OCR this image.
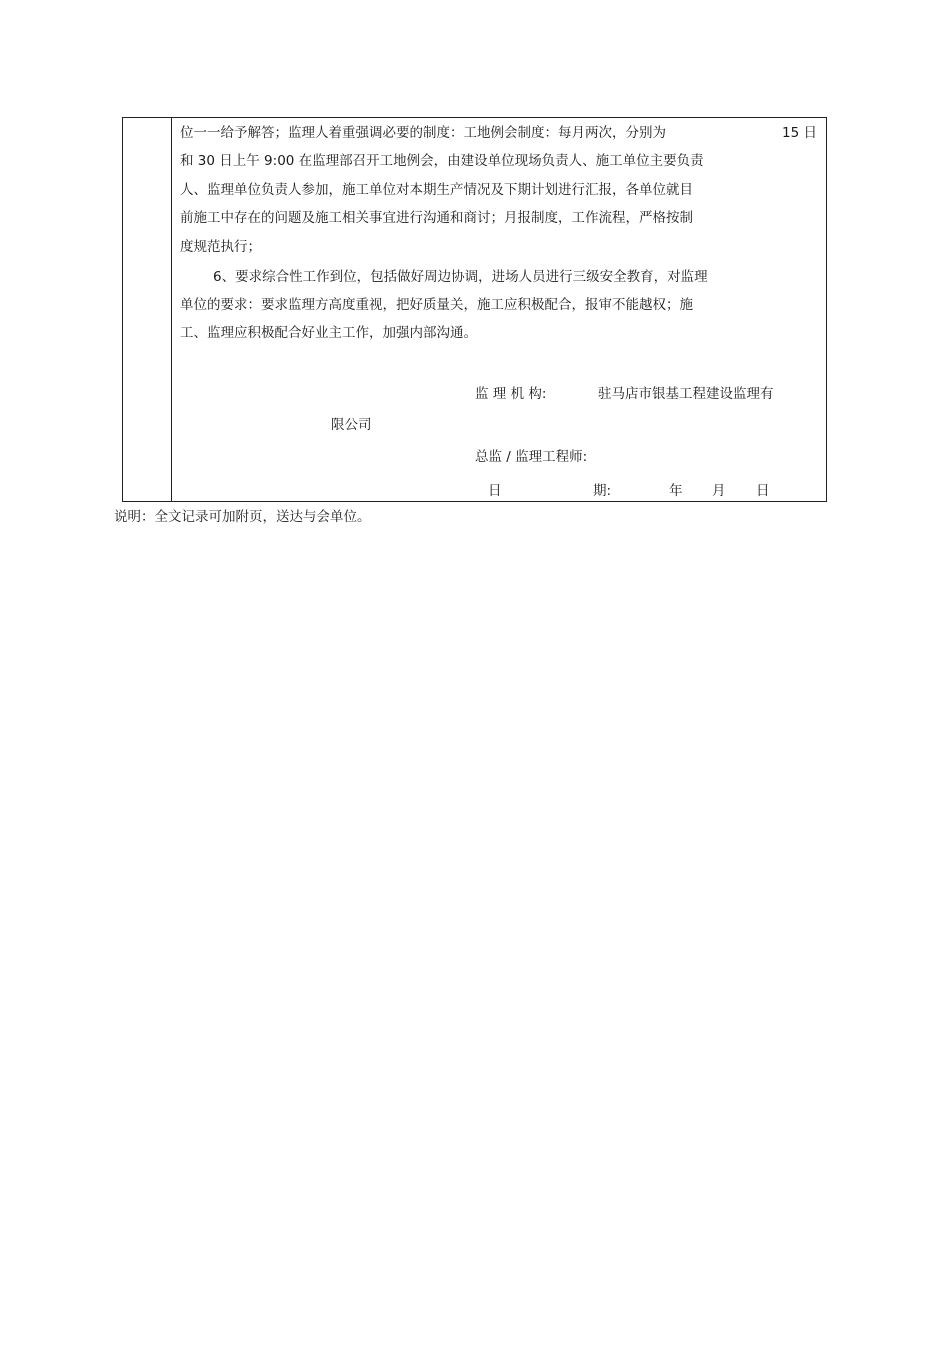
位一一给予解答；监理人着重强调必要的制度：工地例会制度：每月两次，分别为	15 日
和 30 日上午 9:00 在监理部召开工地例会，由建设单位现场负责人、施工单位主要负责
人、监理单位负责人参加，施工单位对本期生产情况及下期计划进行汇报，各单位就目
前施工中存在的问题及施工相关事宜进行沟通和商讨；月报制度，工作流程，严格按制
度规范执行；
6、要求综合性工作到位，包括做好周边协调，进场人员进行三级安全教育，对监理
单位的要求：要求监理方高度重视，把好质量关，施工应积极配合，报审不能越权；施
工、监理应积极配合好业主工作，加强内部沟通。
监 理 机 构:	驻马店市银基工程建设监理有
限公司
总监 / 监理工程师:
日	期:	年 月 日
说明：全文记录可加附页，送达与会单位。
